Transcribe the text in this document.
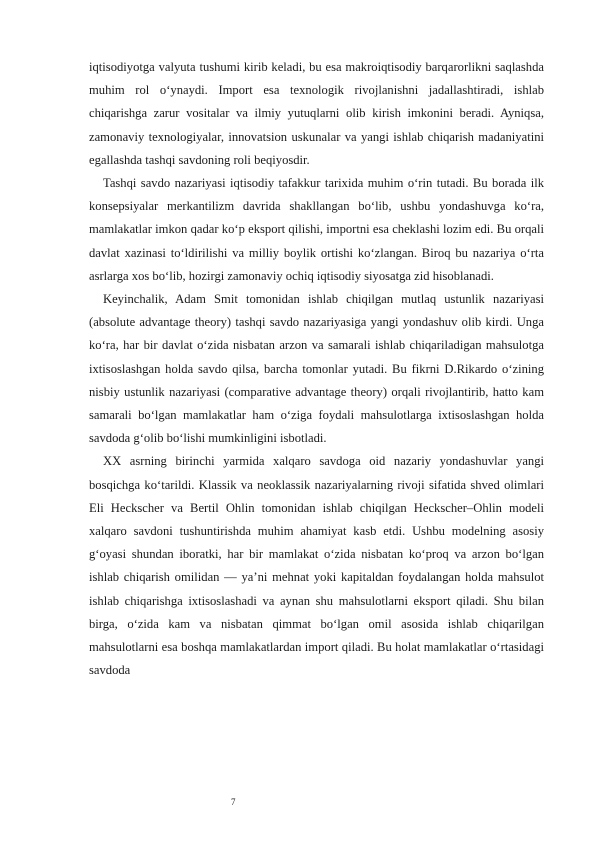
iqtisodiyotga valyuta tushumi kirib keladi, bu esa makroiqtisodiy barqarorlikni saqlashda muhim rol o‘ynaydi. Import esa texnologik rivojlanishni jadallashtiradi, ishlab chiqarishga zarur vositalar va ilmiy yutuqlarni olib kirish imkonini beradi. Ayniqsa, zamonaviy texnologiyalar, innovatsion uskunalar va yangi ishlab chiqarish madaniyatini egallashda tashqi savdoning roli beqiyosdir.

Tashqi savdo nazariyasi iqtisodiy tafakkur tarixida muhim o‘rin tutadi. Bu borada ilk konsepsiyalar merkantilizm davrida shakllangan bo‘lib, ushbu yondashuvga ko‘ra, mamlakatlar imkon qadar ko‘p eksport qilishi, importni esa cheklashi lozim edi. Bu orqali davlat xazinasi to‘ldirilishi va milliy boylik ortishi ko‘zlangan. Biroq bu nazariya o‘rta asrlarga xos bo‘lib, hozirgi zamonaviy ochiq iqtisodiy siyosatga zid hisoblanadi.

Keyinchalik, Adam Smit tomonidan ishlab chiqilgan mutlaq ustunlik nazariyasi (absolute advantage theory) tashqi savdo nazariyasiga yangi yondashuv olib kirdi. Unga ko‘ra, har bir davlat o‘zida nisbatan arzon va samarali ishlab chiqariladigan mahsulotga ixtisoslashgan holda savdo qilsa, barcha tomonlar yutadi. Bu fikrni D.Rikardo o‘zining nisbiy ustunlik nazariyasi (comparative advantage theory) orqali rivojlantirib, hatto kam samarali bo‘lgan mamlakatlar ham o‘ziga foydali mahsulotlarga ixtisoslashgan holda savdoda g‘olib bo‘lishi mumkinligini isbotladi.

XX asrning birinchi yarmida xalqaro savdoga oid nazariy yondashuvlar yangi bosqichga ko‘tarildi. Klassik va neoklassik nazariyalarning rivoji sifatida shved olimlari Eli Heckscher va Bertil Ohlin tomonidan ishlab chiqilgan Heckscher–Ohlin modeli xalqaro savdoni tushuntirishda muhim ahamiyat kasb etdi. Ushbu modelning asosiy g‘oyasi shundan iboratki, har bir mamlakat o‘zida nisbatan ko‘proq va arzon bo‘lgan ishlab chiqarish omilidan — ya’ni mehnat yoki kapitaldan foydalangan holda mahsulot ishlab chiqarishga ixtisoslashadi va aynan shu mahsulotlarni eksport qiladi. Shu bilan birga, o‘zida kam va nisbatan qimmat bo‘lgan omil asosida ishlab chiqarilgan mahsulotlarni esa boshqa mamlakatlardan import qiladi. Bu holat mamlakatlar o‘rtasidagi savdoda

7
